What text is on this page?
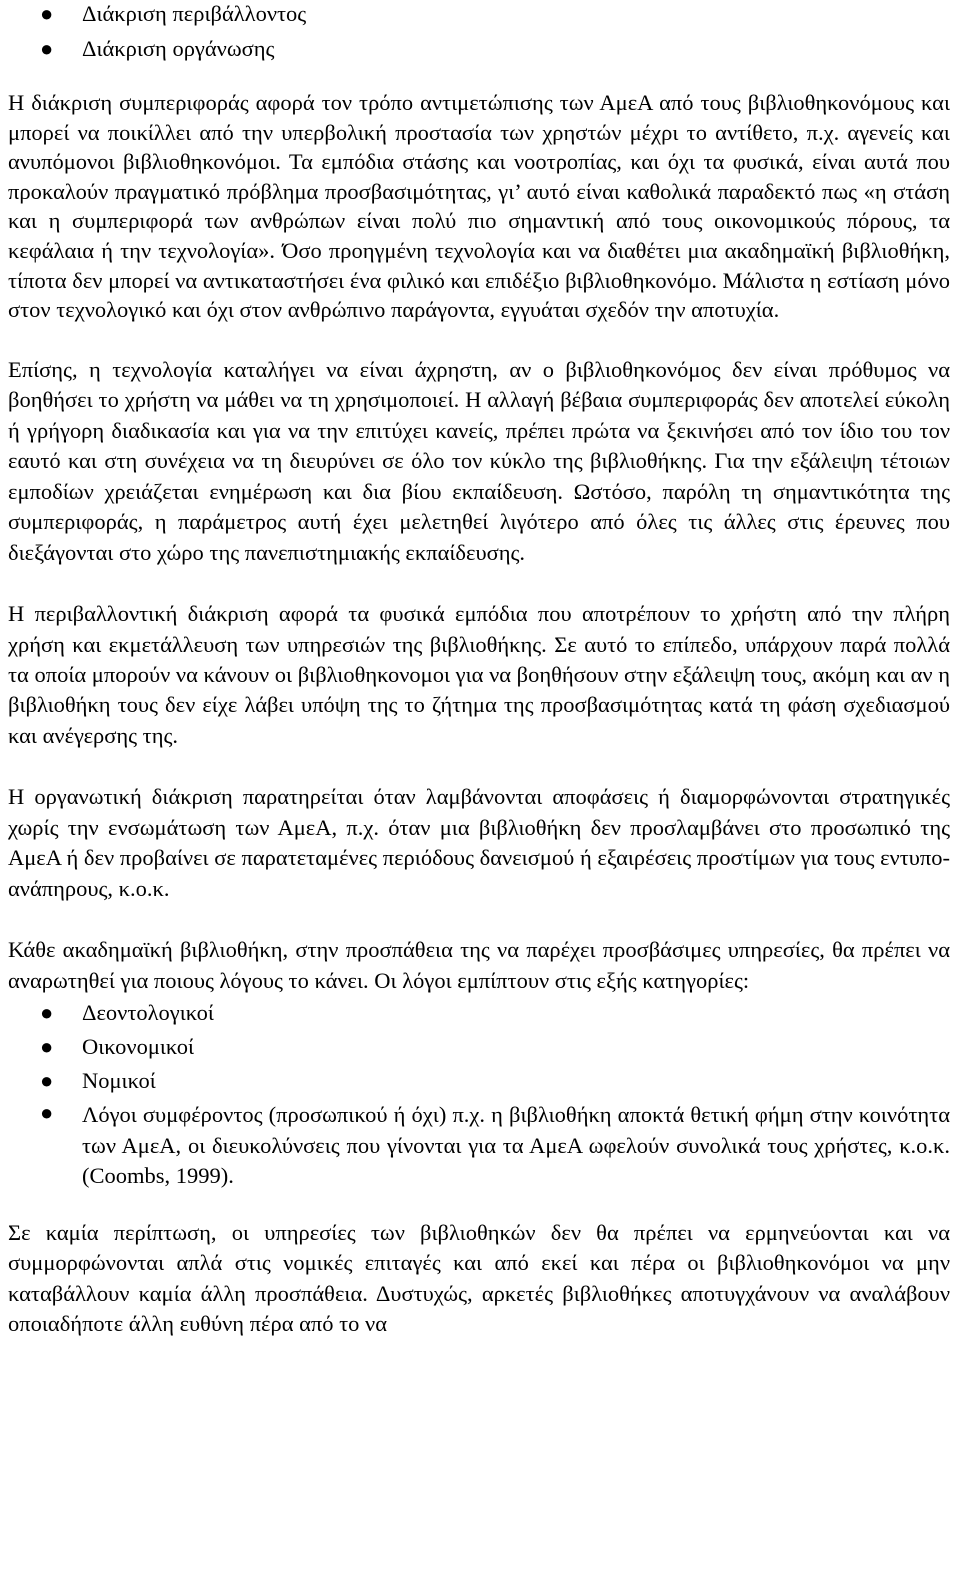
● Διάκριση περιβάλλοντος
● Διάκριση οργάνωσης

Η διάκριση συμπεριφοράς αφορά τον τρόπο αντιμετώπισης των ΑμεΑ από τους βιβλιοθηκονόμους και μπορεί να ποικίλλει από την υπερβολική προστασία των χρηστών μέχρι το αντίθετο, π.χ. αγενείς και ανυπόμονοι βιβλιοθηκονόμοι. Τα εμπόδια στάσης και νοοτροπίας, και όχι τα φυσικά, είναι αυτά που προκαλούν πραγματικό πρόβλημα προσβασιμότητας, γι’ αυτό είναι καθολικά παραδεκτό πως «η στάση και η συμπεριφορά των ανθρώπων είναι πολύ πιο σημαντική από τους οικονομικούς πόρους, τα κεφάλαια ή την τεχνολογία». Όσο προηγμένη τεχνολογία και να διαθέτει μια ακαδημαϊκή βιβλιοθήκη, τίποτα δεν μπορεί να αντικαταστήσει ένα φιλικό και επιδέξιο βιβλιοθηκονόμο. Μάλιστα η εστίαση μόνο στον τεχνολογικό και όχι στον ανθρώπινο παράγοντα, εγγυάται σχεδόν την αποτυχία.

Επίσης, η τεχνολογία καταλήγει να είναι άχρηστη, αν ο βιβλιοθηκονόμος δεν είναι πρόθυμος να βοηθήσει το χρήστη να μάθει να τη χρησιμοποιεί. Η αλλαγή βέβαια συμπεριφοράς δεν αποτελεί εύκολη ή γρήγορη διαδικασία και για να την επιτύχει κανείς, πρέπει πρώτα να ξεκινήσει από τον ίδιο του τον εαυτό και στη συνέχεια να τη διευρύνει σε όλο τον κύκλο της βιβλιοθήκης. Για την εξάλειψη τέτοιων εμποδίων χρειάζεται ενημέρωση και δια βίου εκπαίδευση. Ωστόσο, παρόλη τη σημαντικότητα της συμπεριφοράς, η παράμετρος αυτή έχει μελετηθεί λιγότερο από όλες τις άλλες στις έρευνες που διεξάγονται στο χώρο της πανεπιστημιακής εκπαίδευσης.

Η περιβαλλοντική διάκριση αφορά τα φυσικά εμπόδια που αποτρέπουν το χρήστη από την πλήρη χρήση και εκμετάλλευση των υπηρεσιών της βιβλιοθήκης. Σε αυτό το επίπεδο, υπάρχουν παρά πολλά τα οποία μπορούν να κάνουν οι βιβλιοθηκονομοι για να βοηθήσουν στην εξάλειψη τους, ακόμη και αν η βιβλιοθήκη τους δεν είχε λάβει υπόψη της το ζήτημα της προσβασιμότητας κατά τη φάση σχεδιασμού και ανέγερσης της.

Η οργανωτική διάκριση παρατηρείται όταν λαμβάνονται αποφάσεις ή διαμορφώνονται στρατηγικές χωρίς την ενσωμάτωση των ΑμεΑ, π.χ. όταν μια βιβλιοθήκη δεν προσλαμβάνει στο προσωπικό της ΑμεΑ ή δεν προβαίνει σε παρατεταμένες περιόδους δανεισμού ή εξαιρέσεις προστίμων για τους εντυπο-ανάπηρους, κ.ο.κ.

Κάθε ακαδημαϊκή βιβλιοθήκη, στην προσπάθεια της να παρέχει προσβάσιμες υπηρεσίες, θα πρέπει να αναρωτηθεί για ποιους λόγους το κάνει. Οι λόγοι εμπίπτουν στις εξής κατηγορίες:

● Δεοντολογικοί
● Οικονομικοί
● Νομικοί
● Λόγοι συμφέροντος (προσωπικού ή όχι) π.χ. η βιβλιοθήκη αποκτά θετική φήμη στην κοινότητα των ΑμεΑ, οι διευκολύνσεις που γίνονται για τα ΑμεΑ ωφελούν συνολικά τους χρήστες, κ.ο.κ. (Coombs, 1999).

Σε καμία περίπτωση, οι υπηρεσίες των βιβλιοθηκών δεν θα πρέπει να ερμηνεύονται και να συμμορφώνονται απλά στις νομικές επιταγές και από εκεί και πέρα οι βιβλιοθηκονόμοι να μην καταβάλλουν καμία άλλη προσπάθεια. Δυστυχώς, αρκετές βιβλιοθήκες αποτυγχάνουν να αναλάβουν οποιαδήποτε άλλη ευθύνη πέρα από το να
